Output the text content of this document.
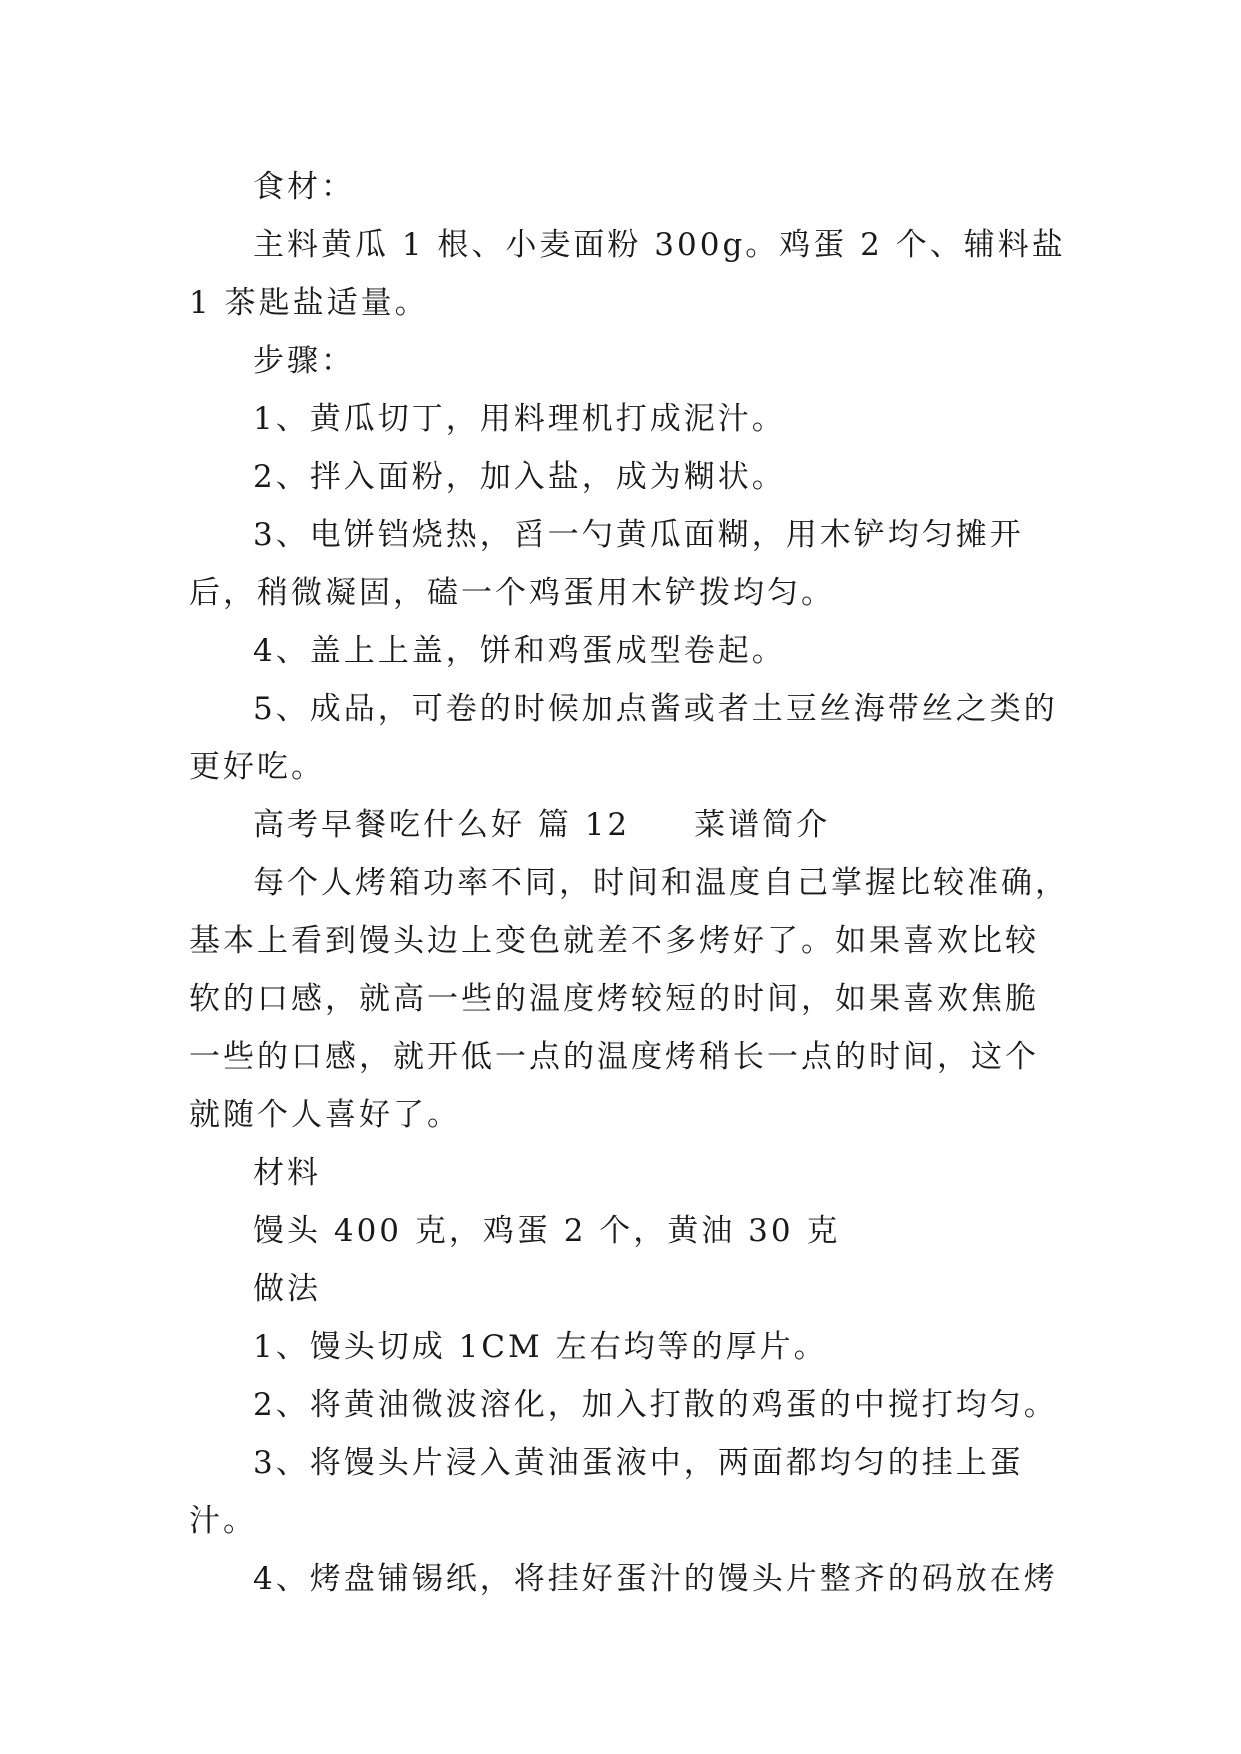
食材：

主料黄瓜 1 根、小麦面粉 300g。鸡蛋 2 个、辅料盐 1 茶匙盐适量。

步骤：

1、黄瓜切丁，用料理机打成泥汁。

2、拌入面粉，加入盐，成为糊状。

3、电饼铛烧热，舀一勺黄瓜面糊，用木铲均匀摊开后，稍微凝固，磕一个鸡蛋用木铲拨均匀。

4、盖上上盖，饼和鸡蛋成型卷起。

5、成品，可卷的时候加点酱或者土豆丝海带丝之类的更好吃。

高考早餐吃什么好 篇 12 菜谱简介

每个人烤箱功率不同，时间和温度自己掌握比较准确，基本上看到馒头边上变色就差不多烤好了。如果喜欢比较软的口感，就高一些的温度烤较短的时间，如果喜欢焦脆一些的口感，就开低一点的温度烤稍长一点的时间，这个就随个人喜好了。

材料

馒头 400 克，鸡蛋 2 个，黄油 30 克

做法

1、馒头切成 1CM 左右均等的厚片。

2、将黄油微波溶化，加入打散的鸡蛋的中搅打均匀。

3、将馒头片浸入黄油蛋液中，两面都均匀的挂上蛋汁。

4、烤盘铺锡纸，将挂好蛋汁的馒头片整齐的码放在烤
